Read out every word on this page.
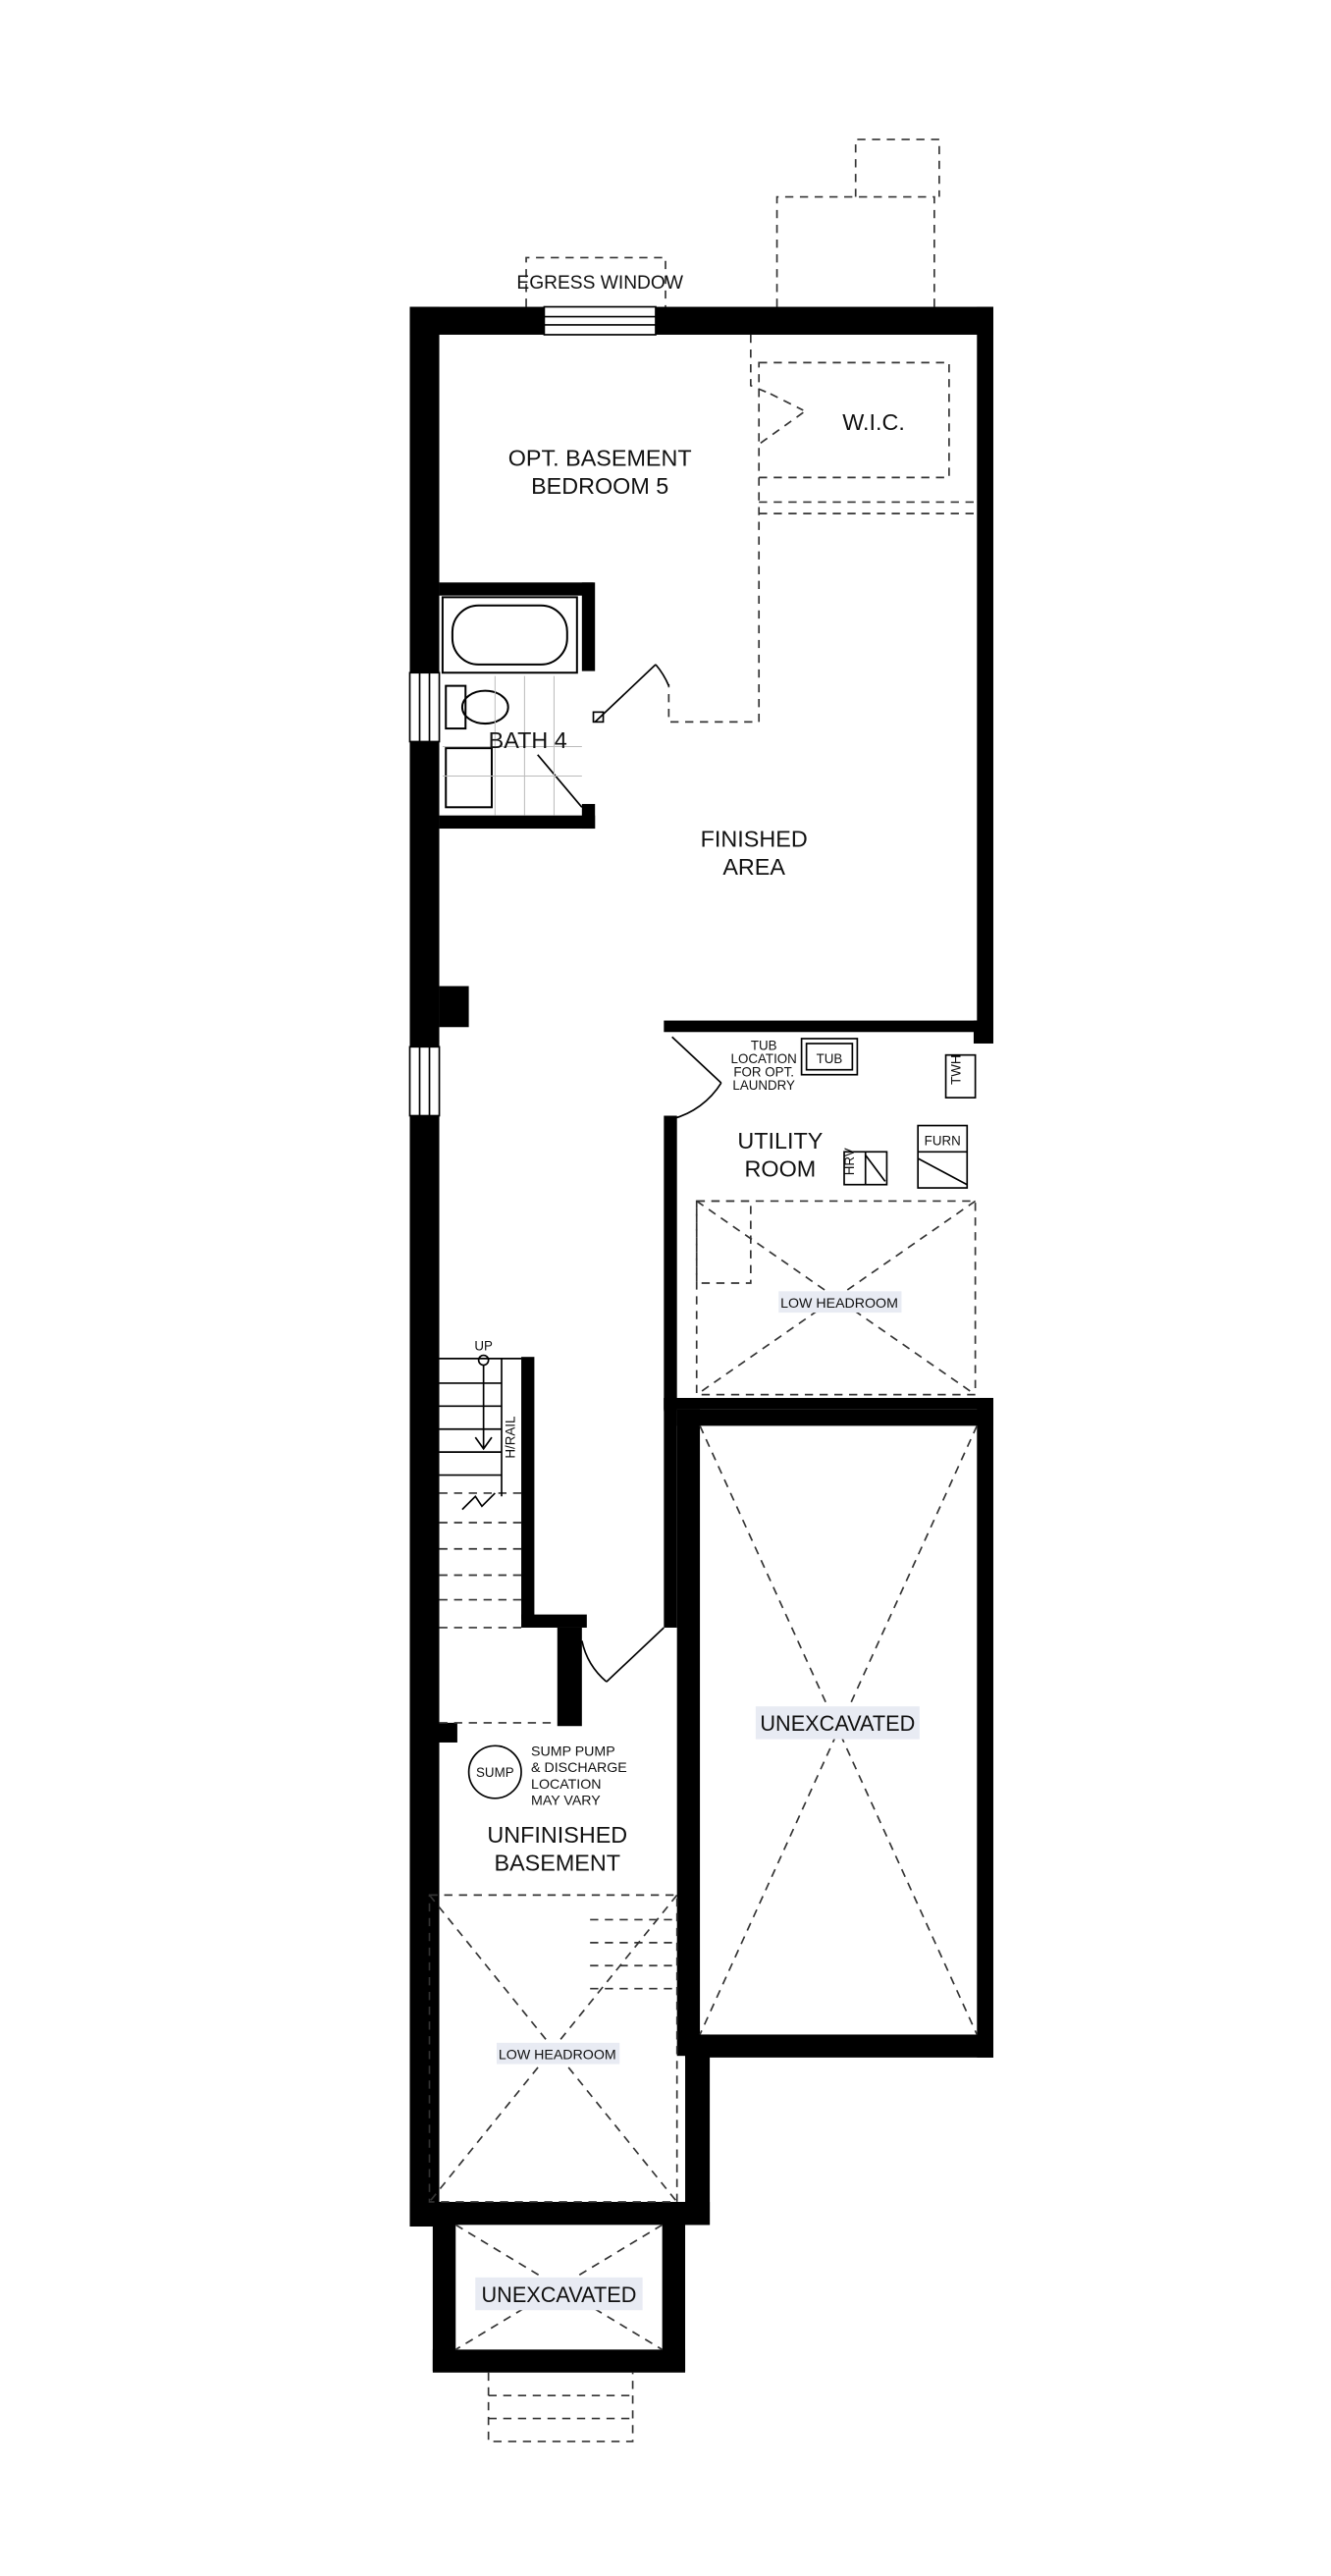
EGRESS WINDOW
W.I.C.
OPT. BASEMENT
BEDROOM 5
BATH 4
FINISHED
AREA
TUB
LOCATION
FOR OPT.
LAUNDRY
TUB	TWH
FURN
HRV
UTILITY
ROOM
LOW HEADROOM
UP
H/RAIL
UNEXCAVATED
SUMP
SUMP PUMP
& DISCHARGE
LOCATION
MAY VARY
UNFINISHED
BASEMENT
LOW HEADROOM
UNEXCAVATED
